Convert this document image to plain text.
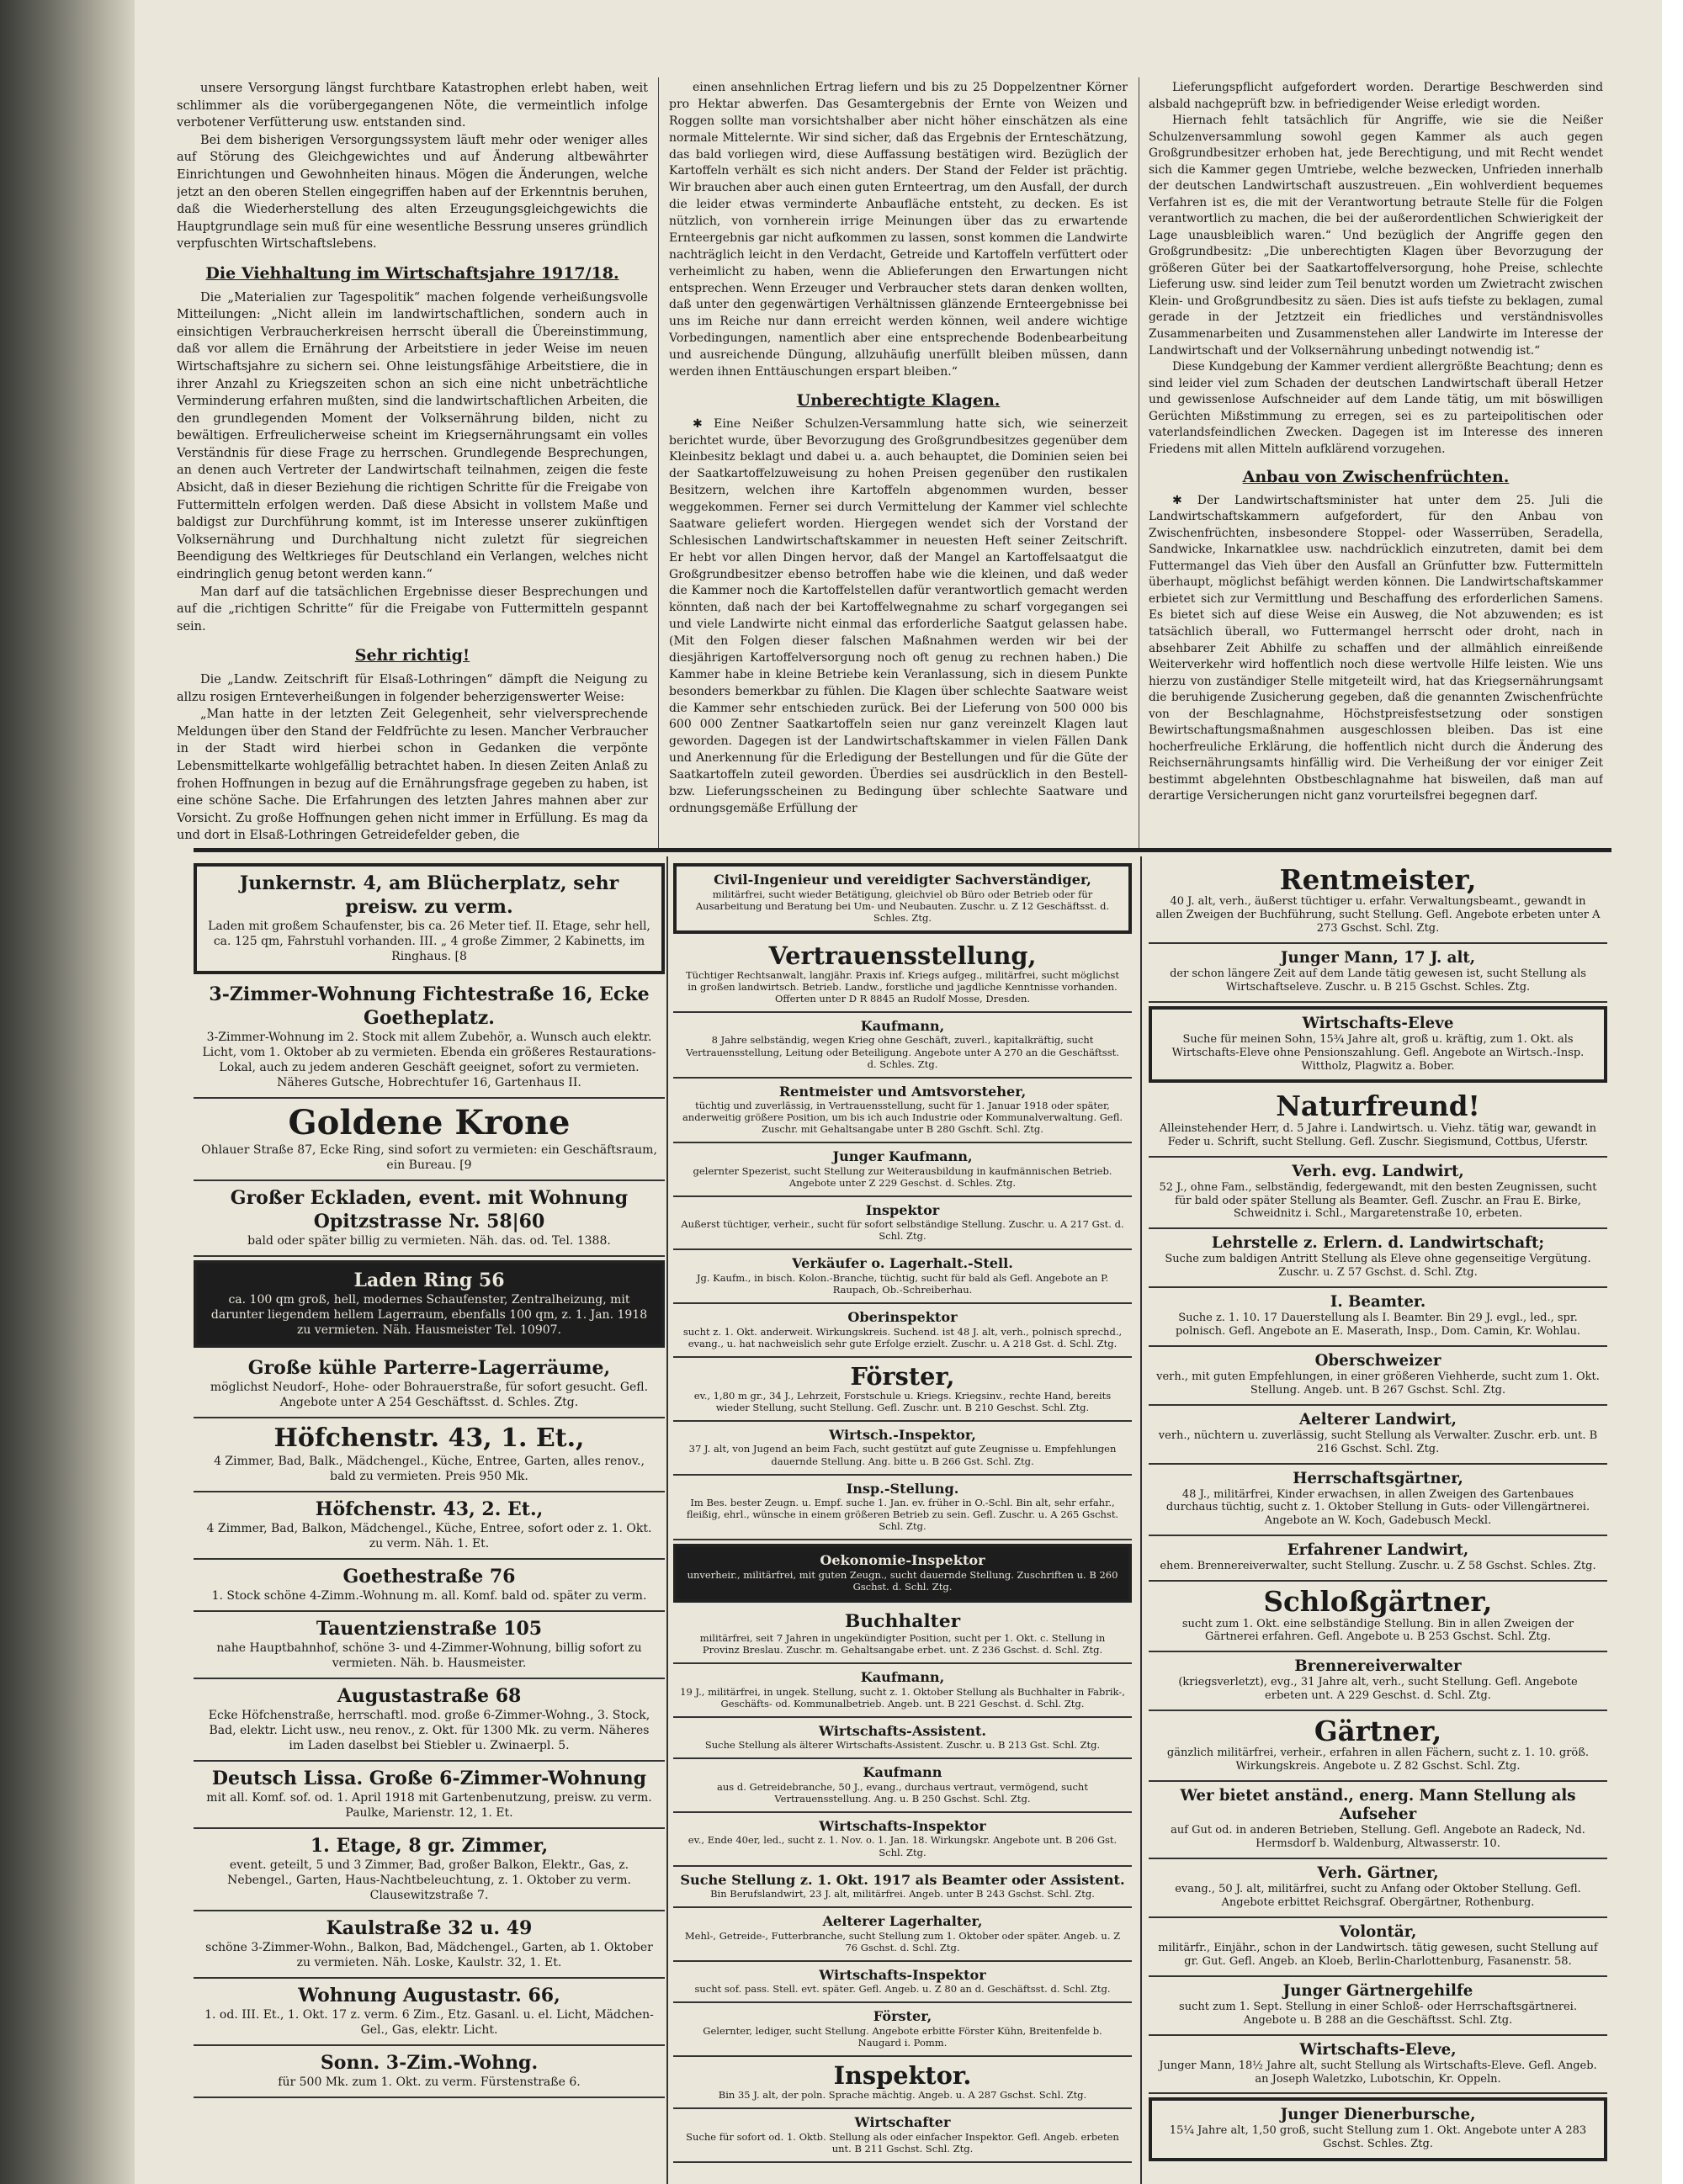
unsere Versorgung längst furchtbare Katastrophen erlebt haben, weit schlimmer als die vorübergegangenen Nöte, die vermeintlich infolge verbotener Verfütterung usw. entstanden sind.

Bei dem bisherigen Versorgungssystem läuft mehr oder weniger alles auf Störung des Gleichgewichtes und auf Änderung altbewährter Einrichtungen und Gewohnheiten hinaus. Mögen die Änderungen, welche jetzt an den oberen Stellen eingegriffen haben auf der Erkenntnis beruhen, daß die Wiederherstellung des alten Erzeugungsgleichgewichts die Hauptgrundlage sein muß für eine wesentliche Bessrung unseres gründlich verpfuschten Wirtschaftslebens.

Die Viehhaltung im Wirtschaftsjahre 1917/18.

Die „Materialien zur Tagespolitik“ machen folgende verheißungsvolle Mitteilungen: „Nicht allein im landwirtschaftlichen, sondern auch in einsichtigen Verbraucherkreisen herrscht überall die Übereinstimmung, daß vor allem die Ernährung der Arbeitstiere in jeder Weise im neuen Wirtschaftsjahre zu sichern sei. Ohne leistungsfähige Arbeitstiere, die in ihrer Anzahl zu Kriegszeiten schon an sich eine nicht unbeträchtliche Verminderung erfahren mußten, sind die landwirtschaftlichen Arbeiten, die den grundlegenden Moment der Volksernährung bilden, nicht zu bewältigen. Erfreulicherweise scheint im Kriegsernährungsamt ein volles Verständnis für diese Frage zu herrschen. Grundlegende Besprechungen, an denen auch Vertreter der Landwirtschaft teilnahmen, zeigen die feste Absicht, daß in dieser Beziehung die richtigen Schritte für die Freigabe von Futtermitteln erfolgen werden. Daß diese Absicht in vollstem Maße und baldigst zur Durchführung kommt, ist im Interesse unserer zukünftigen Volksernährung und Durchhaltung nicht zuletzt für siegreichen Beendigung des Weltkrieges für Deutschland ein Verlangen, welches nicht eindringlich genug betont werden kann.“

Man darf auf die tatsächlichen Ergebnisse dieser Besprechungen und auf die „richtigen Schritte“ für die Freigabe von Futtermitteln gespannt sein.

Sehr richtig!

Die „Landw. Zeitschrift für Elsaß-Lothringen“ dämpft die Neigung zu allzu rosigen Ernteverheißungen in folgender beherzigenswerter Weise:

„Man hatte in der letzten Zeit Gelegenheit, sehr vielversprechende Meldungen über den Stand der Feldfrüchte zu lesen. Mancher Verbraucher in der Stadt wird hierbei schon in Gedanken die verpönte Lebensmittelkarte wohlgefällig betrachtet haben. In diesen Zeiten Anlaß zu frohen Hoffnungen in bezug auf die Ernährungsfrage gegeben zu haben, ist eine schöne Sache. Die Erfahrungen des letzten Jahres mahnen aber zur Vorsicht. Zu große Hoffnungen gehen nicht immer in Erfüllung. Es mag da und dort in Elsaß-Lothringen Getreidefelder geben, die

einen ansehnlichen Ertrag liefern und bis zu 25 Doppelzentner Körner pro Hektar abwerfen. Das Gesamtergebnis der Ernte von Weizen und Roggen sollte man vorsichtshalber aber nicht höher einschätzen als eine normale Mittelernte. Wir sind sicher, daß das Ergebnis der Ernteschätzung, das bald vorliegen wird, diese Auffassung bestätigen wird. Bezüglich der Kartoffeln verhält es sich nicht anders. Der Stand der Felder ist prächtig. Wir brauchen aber auch einen guten Ernteertrag, um den Ausfall, der durch die leider etwas verminderte Anbaufläche entsteht, zu decken. Es ist nützlich, von vornherein irrige Meinungen über das zu erwartende Ernteergebnis gar nicht aufkommen zu lassen, sonst kommen die Landwirte nachträglich leicht in den Verdacht, Getreide und Kartoffeln verfüttert oder verheimlicht zu haben, wenn die Ablieferungen den Erwartungen nicht entsprechen. Wenn Erzeuger und Verbraucher stets daran denken wollten, daß unter den gegenwärtigen Verhältnissen glänzende Ernteergebnisse bei uns im Reiche nur dann erreicht werden können, weil andere wichtige Vorbedingungen, namentlich aber eine entsprechende Bodenbearbeitung und ausreichende Düngung, allzuhäufig unerfüllt bleiben müssen, dann werden ihnen Enttäuschungen erspart bleiben.“

Unberechtigte Klagen.

✱ Eine Neißer Schulzen-Versammlung hatte sich, wie seinerzeit berichtet wurde, über Bevorzugung des Großgrundbesitzes gegenüber dem Kleinbesitz beklagt und dabei u. a. auch behauptet, die Dominien seien bei der Saatkartoffelzuweisung zu hohen Preisen gegenüber den rustikalen Besitzern, welchen ihre Kartoffeln abgenommen wurden, besser weggekommen. Ferner sei durch Vermittelung der Kammer viel schlechte Saatware geliefert worden. Hiergegen wendet sich der Vorstand der Schlesischen Landwirtschaftskammer in neuesten Heft seiner Zeitschrift. Er hebt vor allen Dingen hervor, daß der Mangel an Kartoffelsaatgut die Großgrundbesitzer ebenso betroffen habe wie die kleinen, und daß weder die Kammer noch die Kartoffelstellen dafür verantwortlich gemacht werden könnten, daß nach der bei Kartoffelwegnahme zu scharf vorgegangen sei und viele Landwirte nicht einmal das erforderliche Saatgut gelassen habe. (Mit den Folgen dieser falschen Maßnahmen werden wir bei der diesjährigen Kartoffelversorgung noch oft genug zu rechnen haben.) Die Kammer habe in kleine Betriebe kein Veranlassung, sich in diesem Punkte besonders bemerkbar zu fühlen. Die Klagen über schlechte Saatware weist die Kammer sehr entschieden zurück. Bei der Lieferung von 500 000 bis 600 000 Zentner Saatkartoffeln seien nur ganz vereinzelt Klagen laut geworden. Dagegen ist der Landwirtschaftskammer in vielen Fällen Dank und Anerkennung für die Erledigung der Bestellungen und für die Güte der Saatkartoffeln zuteil geworden. Überdies sei ausdrücklich in den Bestell- bzw. Lieferungsscheinen zu Bedingung über schlechte Saatware und ordnungsgemäße Erfüllung der

Lieferungspflicht aufgefordert worden. Derartige Beschwerden sind alsbald nachgeprüft bzw. in befriedigender Weise erledigt worden.

Hiernach fehlt tatsächlich für Angriffe, wie sie die Neißer Schulzenversammlung sowohl gegen Kammer als auch gegen Großgrundbesitzer erhoben hat, jede Berechtigung, und mit Recht wendet sich die Kammer gegen Umtriebe, welche bezwecken, Unfrieden innerhalb der deutschen Landwirtschaft auszustreuen. „Ein wohlverdient bequemes Verfahren ist es, die mit der Verantwortung betraute Stelle für die Folgen verantwortlich zu machen, die bei der außerordentlichen Schwierigkeit der Lage unausbleiblich waren.“ Und bezüglich der Angriffe gegen den Großgrundbesitz: „Die unberechtigten Klagen über Bevorzugung der größeren Güter bei der Saatkartoffelversorgung, hohe Preise, schlechte Lieferung usw. sind leider zum Teil benutzt worden um Zwietracht zwischen Klein- und Großgrundbesitz zu säen. Dies ist aufs tiefste zu beklagen, zumal gerade in der Jetztzeit ein friedliches und verständnisvolles Zusammenarbeiten und Zusammenstehen aller Landwirte im Interesse der Landwirtschaft und der Volksernährung unbedingt notwendig ist.“

Diese Kundgebung der Kammer verdient allergrößte Beachtung; denn es sind leider viel zum Schaden der deutschen Landwirtschaft überall Hetzer und gewissenlose Aufschneider auf dem Lande tätig, um mit böswilligen Gerüchten Mißstimmung zu erregen, sei es zu parteipolitischen oder vaterlandsfeindlichen Zwecken. Dagegen ist im Interesse des inneren Friedens mit allen Mitteln aufklärend vorzugehen.

Anbau von Zwischenfrüchten.

✱ Der Landwirtschaftsminister hat unter dem 25. Juli die Landwirtschaftskammern aufgefordert, für den Anbau von Zwischenfrüchten, insbesondere Stoppel- oder Wasserrüben, Seradella, Sandwicke, Inkarnatklee usw. nachdrücklich einzutreten, damit bei dem Futtermangel das Vieh über den Ausfall an Grünfutter bzw. Futtermitteln überhaupt, möglichst befähigt werden können. Die Landwirtschaftskammer erbietet sich zur Vermittlung und Beschaffung des erforderlichen Samens. Es bietet sich auf diese Weise ein Ausweg, die Not abzuwenden; es ist tatsächlich überall, wo Futtermangel herrscht oder droht, nach in absehbarer Zeit Abhilfe zu schaffen und der allmählich einreißende Weiterverkehr wird hoffentlich noch diese wertvolle Hilfe leisten. Wie uns hierzu von zuständiger Stelle mitgeteilt wird, hat das Kriegsernährungsamt die beruhigende Zusicherung gegeben, daß die genannten Zwischenfrüchte von der Beschlagnahme, Höchstpreisfestsetzung oder sonstigen Bewirtschaftungsmaßnahmen ausgeschlossen bleiben. Das ist eine hocherfreuliche Erklärung, die hoffentlich nicht durch die Änderung des Reichsernährungsamts hinfällig wird. Die Verheißung der vor einiger Zeit bestimmt abgelehnten Obstbeschlagnahme hat bisweilen, daß man auf derartige Versicherungen nicht ganz vorurteilsfrei begegnen darf.

Junkernstr. 4, am Blücherplatz, sehr preisw. zu verm.
Laden mit großem Schaufenster, bis ca. 26 Meter tief. II. Etage, sehr hell, ca. 125 qm, Fahrstuhl vorhanden. III. „ 4 große Zimmer, 2 Kabinetts, im Ringhaus. [8
3-Zimmer-Wohnung Fichtestraße 16, Ecke Goetheplatz.
3-Zimmer-Wohnung im 2. Stock mit allem Zubehör, a. Wunsch auch elektr. Licht, vom 1. Oktober ab zu vermieten. Ebenda ein größeres Restaurations-Lokal, auch zu jedem anderen Geschäft geeignet, sofort zu vermieten. Näheres Gutsche, Hobrechtufer 16, Gartenhaus II.
Goldene Krone
Ohlauer Straße 87, Ecke Ring, sind sofort zu vermieten: ein Geschäftsraum, ein Bureau. [9
Großer Eckladen, event. mit Wohnung Opitzstrasse Nr. 58|60
bald oder später billig zu vermieten. Näh. das. od. Tel. 1388.
Laden Ring 56
ca. 100 qm groß, hell, modernes Schaufenster, Zentralheizung, mit darunter liegendem hellem Lagerraum, ebenfalls 100 qm, z. 1. Jan. 1918 zu vermieten. Näh. Hausmeister Tel. 10907.
Große kühle Parterre-Lagerräume,
möglichst Neudorf-, Hohe- oder Bohrauerstraße, für sofort gesucht. Gefl. Angebote unter A 254 Geschäftsst. d. Schles. Ztg.
Höfchenstr. 43, 1. Et.,
4 Zimmer, Bad, Balk., Mädchengel., Küche, Entree, Garten, alles renov., bald zu vermieten. Preis 950 Mk.
Höfchenstr. 43, 2. Et.,
4 Zimmer, Bad, Balkon, Mädchengel., Küche, Entree, sofort oder z. 1. Okt. zu verm. Näh. 1. Et.
Goethestraße 76
1. Stock schöne 4-Zimm.-Wohnung m. all. Komf. bald od. später zu verm.
Tauentzienstraße 105
nahe Hauptbahnhof, schöne 3- und 4-Zimmer-Wohnung, billig sofort zu vermieten. Näh. b. Hausmeister.
Augustastraße 68
Ecke Höfchenstraße, herrschaftl. mod. große 6-Zimmer-Wohng., 3. Stock, Bad, elektr. Licht usw., neu renov., z. Okt. für 1300 Mk. zu verm. Näheres im Laden daselbst bei Stiebler u. Zwinaerpl. 5.
Deutsch Lissa. Große 6-Zimmer-Wohnung
mit all. Komf. sof. od. 1. April 1918 mit Gartenbenutzung, preisw. zu verm. Paulke, Marienstr. 12, 1. Et.
1. Etage, 8 gr. Zimmer,
event. geteilt, 5 und 3 Zimmer, Bad, großer Balkon, Elektr., Gas, z. Nebengel., Garten, Haus-Nachtbeleuchtung, z. 1. Oktober zu verm. Clausewitzstraße 7.
Kaulstraße 32 u. 49
schöne 3-Zimmer-Wohn., Balkon, Bad, Mädchengel., Garten, ab 1. Oktober zu vermieten. Näh. Loske, Kaulstr. 32, 1. Et.
Wohnung Augustastr. 66,
1. od. III. Et., 1. Okt. 17 z. verm. 6 Zim., Etz. Gasanl. u. el. Licht, Mädchen-Gel., Gas, elektr. Licht.
Sonn. 3-Zim.-Wohng.
für 500 Mk. zum 1. Okt. zu verm. Fürstenstraße 6.
Civil-Ingenieur und vereidigter Sachverständiger,
militärfrei, sucht wieder Betätigung, gleichviel ob Büro oder Betrieb oder für Ausarbeitung und Beratung bei Um- und Neubauten. Zuschr. u. Z 12 Geschäftsst. d. Schles. Ztg.
Vertrauensstellung,
Tüchtiger Rechtsanwalt, langjähr. Praxis inf. Kriegs aufgeg., militärfrei, sucht möglichst in großen landwirtsch. Betrieb. Landw., forstliche und jagdliche Kenntnisse vorhanden. Offerten unter D R 8845 an Rudolf Mosse, Dresden.
Kaufmann,
8 Jahre selbständig, wegen Krieg ohne Geschäft, zuverl., kapitalkräftig, sucht Vertrauensstellung, Leitung oder Beteiligung. Angebote unter A 270 an die Geschäftsst. d. Schles. Ztg.
Rentmeister und Amtsvorsteher,
tüchtig und zuverlässig, in Vertrauensstellung, sucht für 1. Januar 1918 oder später, anderweitig größere Position, um bis ich auch Industrie oder Kommunalverwaltung. Gefl. Zuschr. mit Gehaltsangabe unter B 280 Gschft. Schl. Ztg.
Junger Kaufmann,
gelernter Spezerist, sucht Stellung zur Weiterausbildung in kaufmännischen Betrieb. Angebote unter Z 229 Geschst. d. Schles. Ztg.
Inspektor
Außerst tüchtiger, verheir., sucht für sofort selbständige Stellung. Zuschr. u. A 217 Gst. d. Schl. Ztg.
Verkäufer o. Lagerhalt.-Stell.
Jg. Kaufm., in bisch. Kolon.-Branche, tüchtig, sucht für bald als Gefl. Angebote an P. Raupach, Ob.-Schreiberhau.
Oberinspektor
sucht z. 1. Okt. anderweit. Wirkungskreis. Suchend. ist 48 J. alt, verh., polnisch sprechd., evang., u. hat nachweislich sehr gute Erfolge erzielt. Zuschr. u. A 218 Gst. d. Schl. Ztg.
Förster,
ev., 1,80 m gr., 34 J., Lehrzeit, Forstschule u. Kriegs. Kriegsinv., rechte Hand, bereits wieder Stellung, sucht Stellung. Gefl. Zuschr. unt. B 210 Geschst. Schl. Ztg.
Wirtsch.-Inspektor,
37 J. alt, von Jugend an beim Fach, sucht gestützt auf gute Zeugnisse u. Empfehlungen dauernde Stellung. Ang. bitte u. B 266 Gst. Schl. Ztg.
Insp.-Stellung.
Im Bes. bester Zeugn. u. Empf. suche 1. Jan. ev. früher in O.-Schl. Bin alt, sehr erfahr., fleißig, ehrl., wünsche in einem größeren Betrieb zu sein. Gefl. Zuschr. u. A 265 Gschst. Schl. Ztg.
Oekonomie-Inspektor
unverheir., militärfrei, mit guten Zeugn., sucht dauernde Stellung. Zuschriften u. B 260 Gschst. d. Schl. Ztg.
Buchhalter
militärfrei, seit 7 Jahren in ungekündigter Position, sucht per 1. Okt. c. Stellung in Provinz Breslau. Zuschr. m. Gehaltsangabe erbet. unt. Z 236 Gschst. d. Schl. Ztg.
Kaufmann,
19 J., militärfrei, in ungek. Stellung, sucht z. 1. Oktober Stellung als Buchhalter in Fabrik-, Geschäfts- od. Kommunalbetrieb. Angeb. unt. B 221 Geschst. d. Schl. Ztg.
Wirtschafts-Assistent.
Suche Stellung als älterer Wirtschafts-Assistent. Zuschr. u. B 213 Gst. Schl. Ztg.
Kaufmann
aus d. Getreidebranche, 50 J., evang., durchaus vertraut, vermögend, sucht Vertrauensstellung. Ang. u. B 250 Gschst. Schl. Ztg.
Wirtschafts-Inspektor
ev., Ende 40er, led., sucht z. 1. Nov. o. 1. Jan. 18. Wirkungskr. Angebote unt. B 206 Gst. Schl. Ztg.
Suche Stellung z. 1. Okt. 1917 als Beamter oder Assistent.
Bin Berufslandwirt, 23 J. alt, militärfrei. Angeb. unter B 243 Gschst. Schl. Ztg.
Aelterer Lagerhalter,
Mehl-, Getreide-, Futterbranche, sucht Stellung zum 1. Oktober oder später. Angeb. u. Z 76 Gschst. d. Schl. Ztg.
Wirtschafts-Inspektor
sucht sof. pass. Stell. evt. später. Gefl. Angeb. u. Z 80 an d. Geschäftsst. d. Schl. Ztg.
Förster,
Gelernter, lediger, sucht Stellung. Angebote erbitte Förster Kühn, Breitenfelde b. Naugard i. Pomm.
Inspektor.
Bin 35 J. alt, der poln. Sprache mächtig. Angeb. u. A 287 Gschst. Schl. Ztg.
Wirtschafter
Suche für sofort od. 1. Oktb. Stellung als oder einfacher Inspektor. Gefl. Angeb. erbeten unt. B 211 Gschst. Schl. Ztg.
Rentmeister,
40 J. alt, verh., äußerst tüchtiger u. erfahr. Verwaltungsbeamt., gewandt in allen Zweigen der Buchführung, sucht Stellung. Gefl. Angebote erbeten unter A 273 Gschst. Schl. Ztg.
Junger Mann, 17 J. alt,
der schon längere Zeit auf dem Lande tätig gewesen ist, sucht Stellung als Wirtschaftseleve. Zuschr. u. B 215 Gschst. Schles. Ztg.
Wirtschafts-Eleve
Suche für meinen Sohn, 15¾ Jahre alt, groß u. kräftig, zum 1. Okt. als Wirtschafts-Eleve ohne Pensionszahlung. Gefl. Angebote an Wirtsch.-Insp. Wittholz, Plagwitz a. Bober.
Naturfreund!
Alleinstehender Herr, d. 5 Jahre i. Landwirtsch. u. Viehz. tätig war, gewandt in Feder u. Schrift, sucht Stellung. Gefl. Zuschr. Siegismund, Cottbus, Uferstr.
Verh. evg. Landwirt,
52 J., ohne Fam., selbständig, federgewandt, mit den besten Zeugnissen, sucht für bald oder später Stellung als Beamter. Gefl. Zuschr. an Frau E. Birke, Schweidnitz i. Schl., Margaretenstraße 10, erbeten.
Lehrstelle z. Erlern. d. Landwirtschaft;
Suche zum baldigen Antritt Stellung als Eleve ohne gegenseitige Vergütung. Zuschr. u. Z 57 Gschst. d. Schl. Ztg.
I. Beamter.
Suche z. 1. 10. 17 Dauerstellung als I. Beamter. Bin 29 J. evgl., led., spr. polnisch. Gefl. Angebote an E. Maserath, Insp., Dom. Camin, Kr. Wohlau.
Oberschweizer
verh., mit guten Empfehlungen, in einer größeren Viehherde, sucht zum 1. Okt. Stellung. Angeb. unt. B 267 Gschst. Schl. Ztg.
Aelterer Landwirt,
verh., nüchtern u. zuverlässig, sucht Stellung als Verwalter. Zuschr. erb. unt. B 216 Gschst. Schl. Ztg.
Herrschaftsgärtner,
48 J., militärfrei, Kinder erwachsen, in allen Zweigen des Gartenbaues durchaus tüchtig, sucht z. 1. Oktober Stellung in Guts- oder Villengärtnerei. Angebote an W. Koch, Gadebusch Meckl.
Erfahrener Landwirt,
ehem. Brennereiverwalter, sucht Stellung. Zuschr. u. Z 58 Gschst. Schles. Ztg.
Schloßgärtner,
sucht zum 1. Okt. eine selbständige Stellung. Bin in allen Zweigen der Gärtnerei erfahren. Gefl. Angebote u. B 253 Gschst. Schl. Ztg.
Brennereiverwalter
(kriegsverletzt), evg., 31 Jahre alt, verh., sucht Stellung. Gefl. Angebote erbeten unt. A 229 Geschst. d. Schl. Ztg.
Gärtner,
gänzlich militärfrei, verheir., erfahren in allen Fächern, sucht z. 1. 10. größ. Wirkungskreis. Angebote u. Z 82 Gschst. Schl. Ztg.
Wer bietet anständ., energ. Mann Stellung als Aufseher
auf Gut od. in anderen Betrieben, Stellung. Gefl. Angebote an Radeck, Nd. Hermsdorf b. Waldenburg, Altwasserstr. 10.
Verh. Gärtner,
evang., 50 J. alt, militärfrei, sucht zu Anfang oder Oktober Stellung. Gefl. Angebote erbittet Reichsgraf. Obergärtner, Rothenburg.
Volontär,
militärfr., Einjähr., schon in der Landwirtsch. tätig gewesen, sucht Stellung auf gr. Gut. Gefl. Angeb. an Kloeb, Berlin-Charlottenburg, Fasanenstr. 58.
Junger Gärtnergehilfe
sucht zum 1. Sept. Stellung in einer Schloß- oder Herrschaftsgärtnerei. Angebote u. B 288 an die Geschäftsst. Schl. Ztg.
Wirtschafts-Eleve,
Junger Mann, 18½ Jahre alt, sucht Stellung als Wirtschafts-Eleve. Gefl. Angeb. an Joseph Waletzko, Lubotschin, Kr. Oppeln.
Junger Dienerbursche,
15¼ Jahre alt, 1,50 groß, sucht Stellung zum 1. Okt. Angebote unter A 283 Gschst. Schles. Ztg.
